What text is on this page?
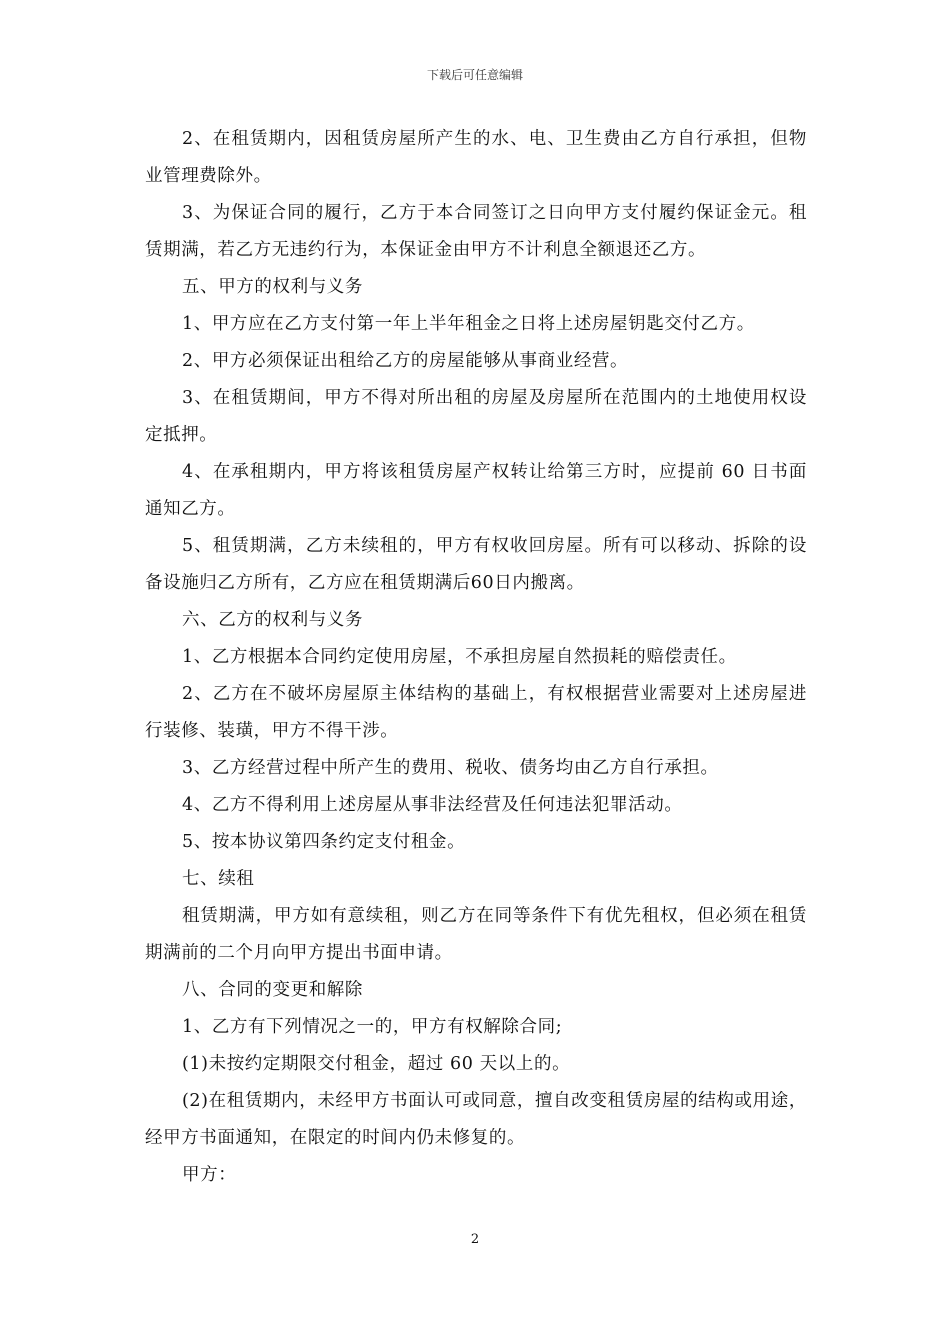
下载后可任意编辑

2、在租赁期内，因租赁房屋所产生的水、电、卫生费由乙方自行承担，但物业管理费除外。

3、为保证合同的履行，乙方于本合同签订之日向甲方支付履约保证金元。租赁期满，若乙方无违约行为，本保证金由甲方不计利息全额退还乙方。

五、甲方的权利与义务

1、甲方应在乙方支付第一年上半年租金之日将上述房屋钥匙交付乙方。

2、甲方必须保证出租给乙方的房屋能够从事商业经营。

3、在租赁期间，甲方不得对所出租的房屋及房屋所在范围内的土地使用权设定抵押。

4、在承租期内，甲方将该租赁房屋产权转让给第三方时，应提前 60 日书面通知乙方。

5、租赁期满，乙方未续租的，甲方有权收回房屋。所有可以移动、拆除的设备设施归乙方所有，乙方应在租赁期满后60日内搬离。

六、乙方的权利与义务

1、乙方根据本合同约定使用房屋，不承担房屋自然损耗的赔偿责任。

2、乙方在不破坏房屋原主体结构的基础上，有权根据营业需要对上述房屋进行装修、装璜，甲方不得干涉。

3、乙方经营过程中所产生的费用、税收、债务均由乙方自行承担。

4、乙方不得利用上述房屋从事非法经营及任何违法犯罪活动。

5、按本协议第四条约定支付租金。

七、续租

租赁期满，甲方如有意续租，则乙方在同等条件下有优先租权，但必须在租赁期满前的二个月向甲方提出书面申请。

八、合同的变更和解除

1、乙方有下列情况之一的，甲方有权解除合同;

(1)未按约定期限交付租金，超过 60 天以上的。

(2)在租赁期内，未经甲方书面认可或同意，擅自改变租赁房屋的结构或用途，经甲方书面通知，在限定的时间内仍未修复的。

甲方：

2
